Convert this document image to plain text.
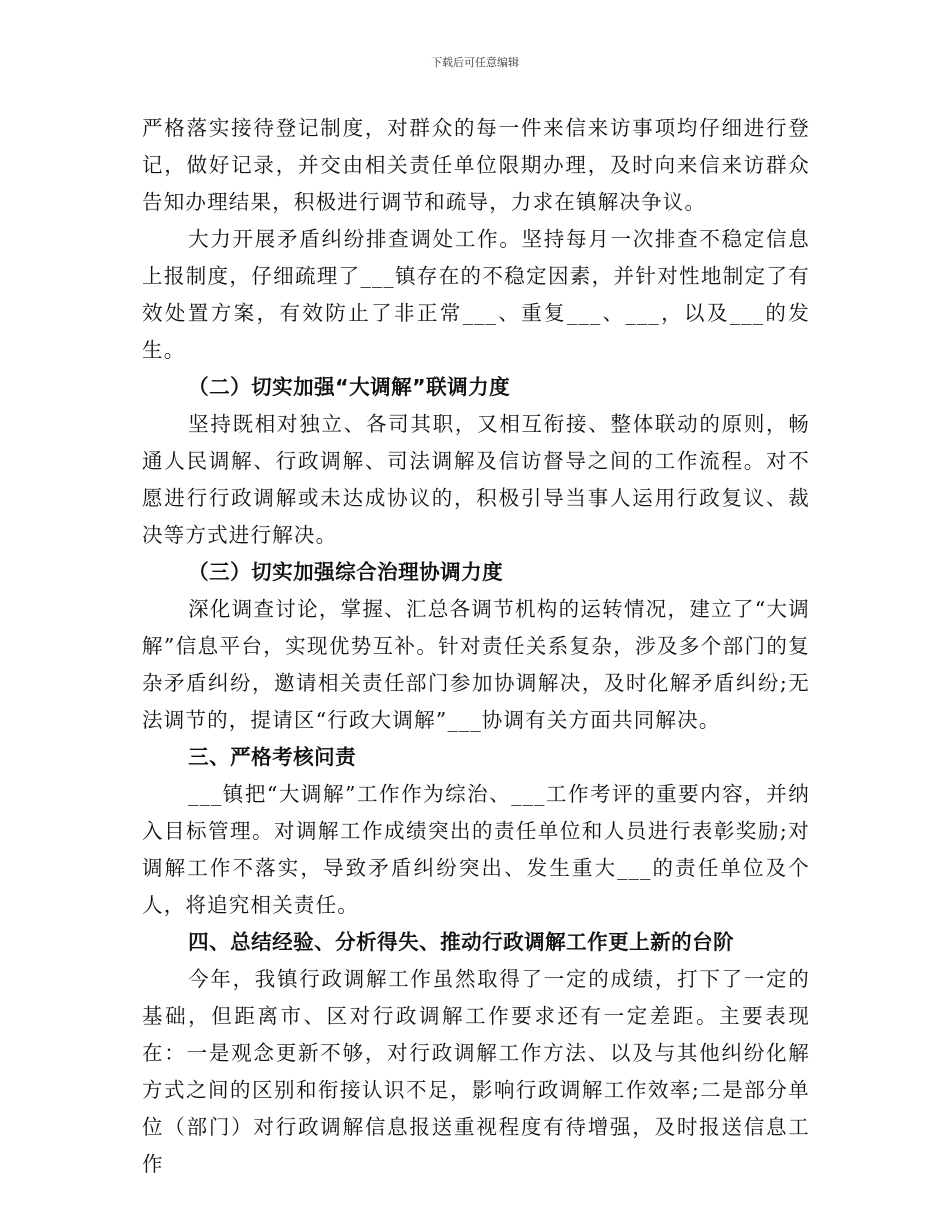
下载后可任意编辑

严格落实接待登记制度，对群众的每一件来信来访事项均仔细进行登记，做好记录，并交由相关责任单位限期办理，及时向来信来访群众告知办理结果，积极进行调节和疏导，力求在镇解决争议。

大力开展矛盾纠纷排查调处工作。坚持每月一次排查不稳定信息上报制度，仔细疏理了___镇存在的不稳定因素，并针对性地制定了有效处置方案，有效防止了非正常___、重复___、___，以及___的发生。

（二）切实加强“大调解”联调力度

坚持既相对独立、各司其职，又相互衔接、整体联动的原则，畅通人民调解、行政调解、司法调解及信访督导之间的工作流程。对不愿进行行政调解或未达成协议的，积极引导当事人运用行政复议、裁决等方式进行解决。

（三）切实加强综合治理协调力度

深化调查讨论，掌握、汇总各调节机构的运转情况，建立了“大调解”信息平台，实现优势互补。针对责任关系复杂，涉及多个部门的复杂矛盾纠纷，邀请相关责任部门参加协调解决，及时化解矛盾纠纷;无法调节的，提请区“行政大调解”___协调有关方面共同解决。

三、严格考核问责

___镇把“大调解”工作作为综治、___工作考评的重要内容，并纳入目标管理。对调解工作成绩突出的责任单位和人员进行表彰奖励;对调解工作不落实，导致矛盾纠纷突出、发生重大___的责任单位及个人，将追究相关责任。

四、总结经验、分析得失、推动行政调解工作更上新的台阶

今年，我镇行政调解工作虽然取得了一定的成绩，打下了一定的基础，但距离市、区对行政调解工作要求还有一定差距。主要表现在：一是观念更新不够，对行政调解工作方法、以及与其他纠纷化解方式之间的区别和衔接认识不足，影响行政调解工作效率;二是部分单位（部门）对行政调解信息报送重视程度有待增强，及时报送信息工作
